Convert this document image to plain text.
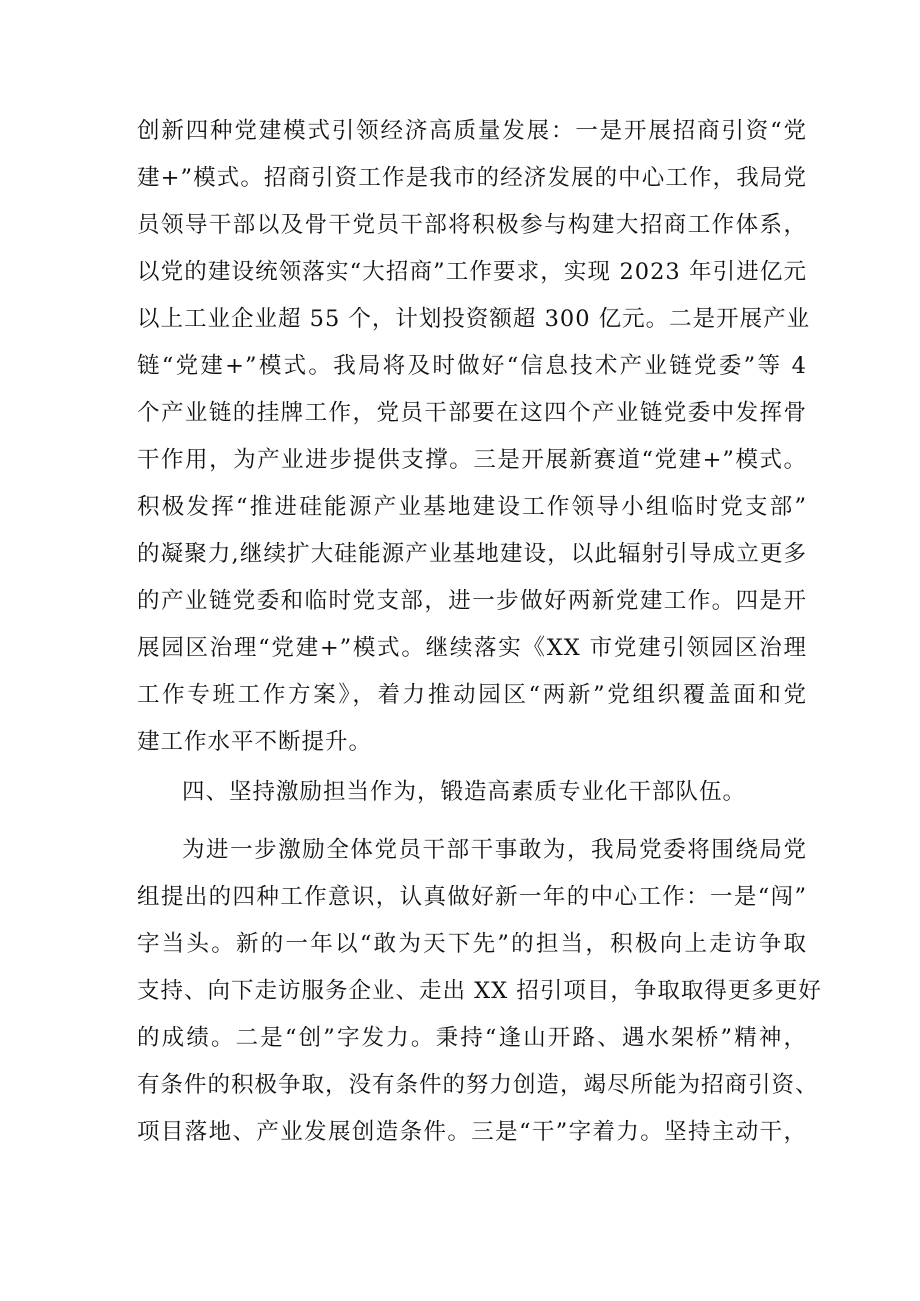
创新四种党建模式引领经济高质量发展：一是开展招商引资“党
建+”模式。招商引资工作是我市的经济发展的中心工作，我局党
员领导干部以及骨干党员干部将积极参与构建大招商工作体系，
以党的建设统领落实“大招商”工作要求，实现 2023 年引进亿元
以上工业企业超 55 个，计划投资额超 300 亿元。二是开展产业
链“党建+”模式。我局将及时做好“信息技术产业链党委”等 4
个产业链的挂牌工作，党员干部要在这四个产业链党委中发挥骨
干作用，为产业进步提供支撑。三是开展新赛道“党建+”模式。
积极发挥“推进硅能源产业基地建设工作领导小组临时党支部”
的凝聚力,继续扩大硅能源产业基地建设，以此辐射引导成立更多
的产业链党委和临时党支部，进一步做好两新党建工作。四是开
展园区治理“党建+”模式。继续落实《XX 市党建引领园区治理
工作专班工作方案》，着力推动园区“两新”党组织覆盖面和党
建工作水平不断提升。
四、坚持激励担当作为，锻造高素质专业化干部队伍。
为进一步激励全体党员干部干事敢为，我局党委将围绕局党
组提出的四种工作意识，认真做好新一年的中心工作：一是“闯”
字当头。新的一年以“敢为天下先”的担当，积极向上走访争取
支持、向下走访服务企业、走出 XX 招引项目，争取取得更多更好
的成绩。二是“创”字发力。秉持“逢山开路、遇水架桥”精神，
有条件的积极争取，没有条件的努力创造，竭尽所能为招商引资、
项目落地、产业发展创造条件。三是“干”字着力。坚持主动干，
